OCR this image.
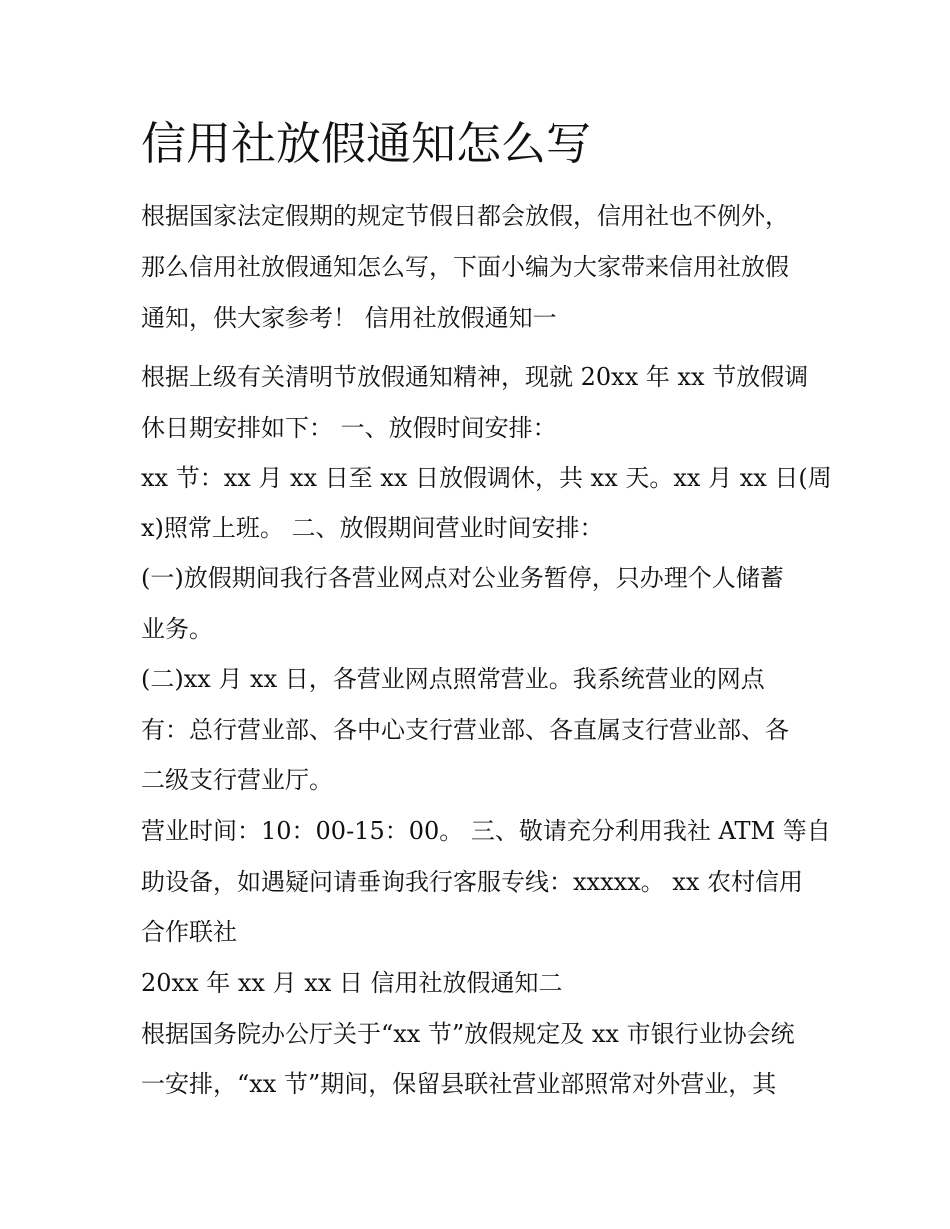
信用社放假通知怎么写

根据国家法定假期的规定节假日都会放假，信用社也不例外，

那么信用社放假通知怎么写，下面小编为大家带来信用社放假

通知，供大家参考！ 信用社放假通知一

根据上级有关清明节放假通知精神，现就 20xx 年 xx 节放假调

休日期安排如下： 一、放假时间安排：

xx 节：xx 月 xx 日至 xx 日放假调休，共 xx 天。xx 月 xx 日(周

x)照常上班。 二、放假期间营业时间安排：

(一)放假期间我行各营业网点对公业务暂停，只办理个人储蓄

业务。

(二)xx 月 xx 日，各营业网点照常营业。我系统营业的网点

有：总行营业部、各中心支行营业部、各直属支行营业部、各

二级支行营业厅。

营业时间：10：00-15：00。 三、敬请充分利用我社 ATM 等自

助设备，如遇疑问请垂询我行客服专线：xxxxx。 xx 农村信用

合作联社

20xx 年 xx 月 xx 日 信用社放假通知二

根据国务院办公厅关于“xx 节”放假规定及 xx 市银行业协会统

一安排，“xx 节”期间，保留县联社营业部照常对外营业，其
